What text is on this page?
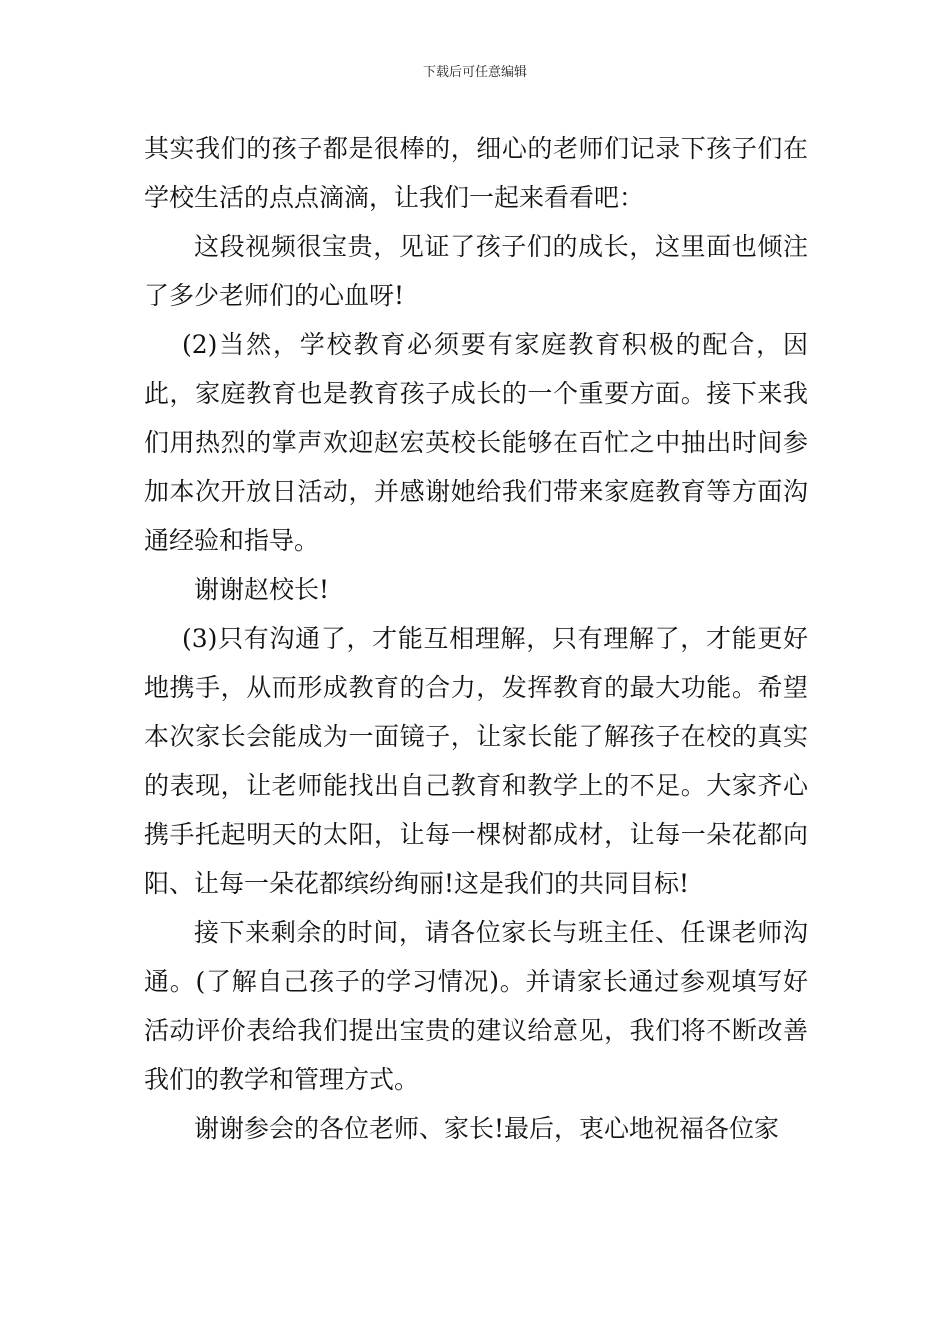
下载后可任意编辑

其实我们的孩子都是很棒的，细心的老师们记录下孩子们在学校生活的点点滴滴，让我们一起来看看吧：

这段视频很宝贵，见证了孩子们的成长，这里面也倾注了多少老师们的心血呀!

(2)当然，学校教育必须要有家庭教育积极的配合，因此，家庭教育也是教育孩子成长的一个重要方面。接下来我们用热烈的掌声欢迎赵宏英校长能够在百忙之中抽出时间参加本次开放日活动，并感谢她给我们带来家庭教育等方面沟通经验和指导。

谢谢赵校长!

(3)只有沟通了，才能互相理解，只有理解了，才能更好地携手，从而形成教育的合力，发挥教育的最大功能。希望本次家长会能成为一面镜子，让家长能了解孩子在校的真实的表现，让老师能找出自己教育和教学上的不足。大家齐心携手托起明天的太阳，让每一棵树都成材，让每一朵花都向阳、让每一朵花都缤纷绚丽!这是我们的共同目标!

接下来剩余的时间，请各位家长与班主任、任课老师沟通。(了解自己孩子的学习情况)。并请家长通过参观填写好活动评价表给我们提出宝贵的建议给意见，我们将不断改善我们的教学和管理方式。

谢谢参会的各位老师、家长!最后，衷心地祝福各位家
